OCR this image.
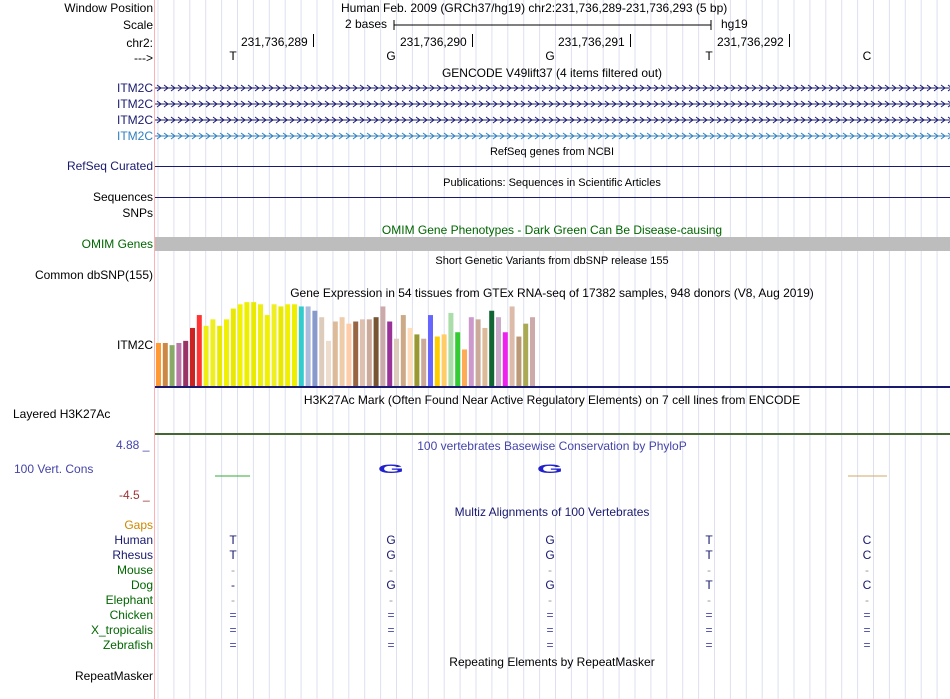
Window Position	Human Feb. 2009 (GRCh37/hg19) chr2:231,736,289-231,736,293 (5 bp)
Scale	2 bases	hg19
chr2:
--->
231,736,289	231,736,290	231,736,291	231,736,292
T	G	G	T	C
GENCODE V49lift37 (4 items filtered out)
ITM2C
ITM2C
ITM2C
ITM2C
RefSeq genes from NCBI
RefSeq Curated
Publications: Sequences in Scientific Articles
Sequences
SNPs
OMIM Gene Phenotypes - Dark Green Can Be Disease-causing
OMIM Genes
Short Genetic Variants from dbSNP release 155
Common dbSNP(155)
Gene Expression in 54 tissues from GTEx RNA-seq of 17382 samples, 948 donors (V8, Aug 2019)
ITM2C
H3K27Ac Mark (Often Found Near Active Regulatory Elements) on 7 cell lines from ENCODE
Layered H3K27Ac
4.88 _	100 vertebrates Basewise Conservation by PhyloP
100 Vert. Cons	G	G
-4.5 _
Multiz Alignments of 100 Vertebrates
Gaps
Human	T	G	G	T	C
Rhesus	T	G	G	T	C
Mouse	-	-	-	-	-
Dog	-	G	G	T	C
Elephant	-	-	-	-	-
Chicken	=	=	=	=	=
X_tropicalis	=	=	=	=	=
Zebrafish	=	=	=	=	=
Repeating Elements by RepeatMasker
RepeatMasker
